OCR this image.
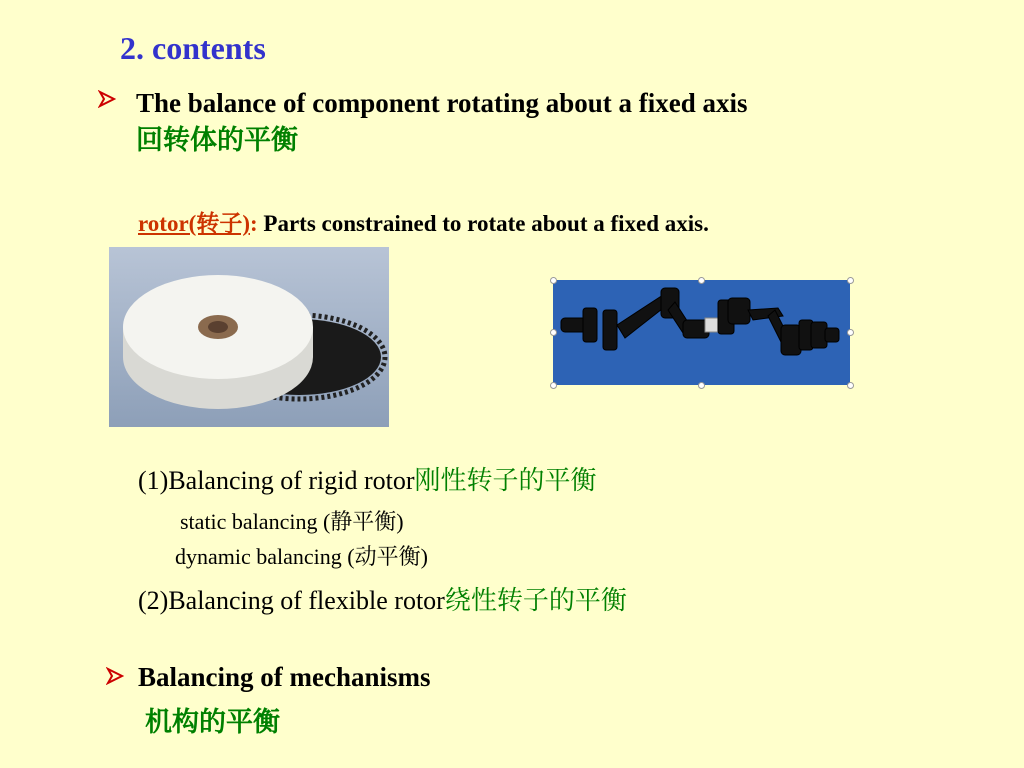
2. contents
The balance of component rotating about a fixed axis
回转体的平衡
rotor(转子): Parts constrained to rotate about a fixed axis.
(1)Balancing of rigid rotor刚性转子的平衡
static balancing (静平衡)
dynamic balancing (动平衡)
(2)Balancing of flexible rotor绕性转子的平衡
Balancing of mechanisms
机构的平衡
